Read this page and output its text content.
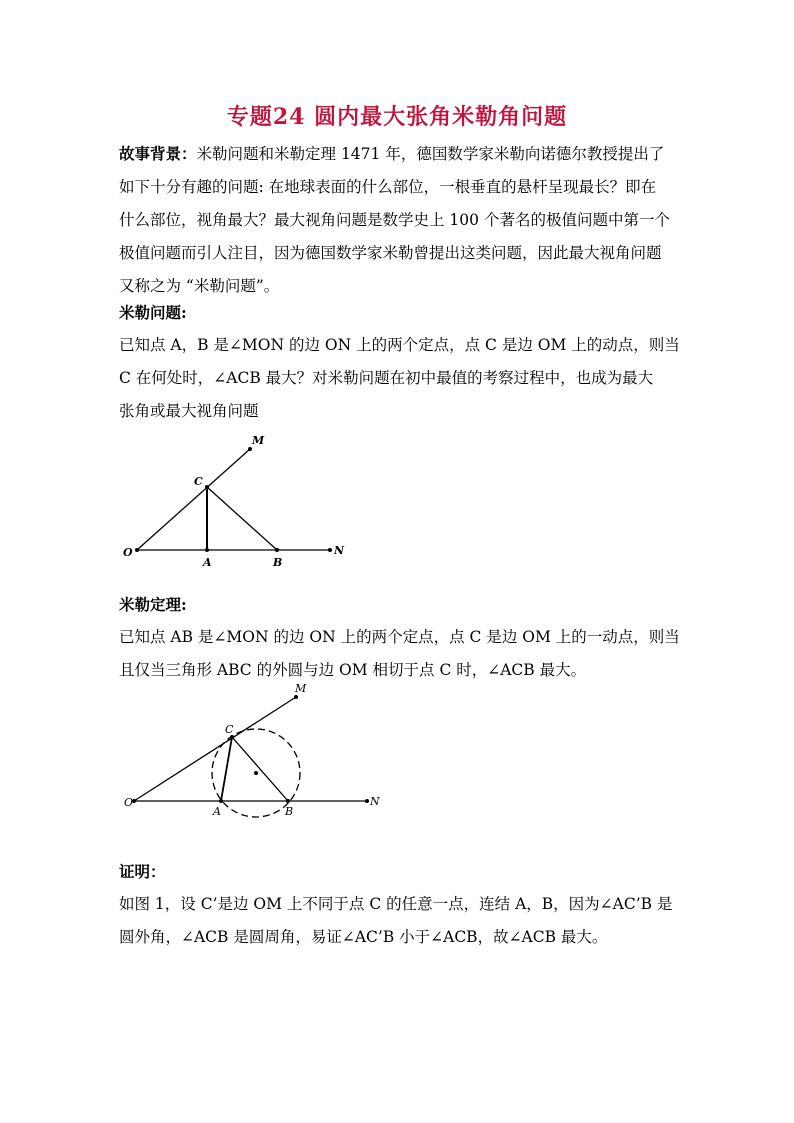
专题24 圆内最大张角米勒角问题
故事背景：米勒问题和米勒定理 1471 年，德国数学家米勒向诺德尔教授提出了
如下十分有趣的问题: 在地球表面的什么部位，一根垂直的悬杆呈现最长？即在
什么部位，视角最大？最大视角问题是数学史上 100 个著名的极值问题中第一个
极值问题而引人注目，因为德国数学家米勒曾提出这类问题，因此最大视角问题
又称之为 “米勒问题”。
米勒问题:
已知点 A，B 是∠MON 的边 ON 上的两个定点，点 C 是边 OM 上的动点，则当
C 在何处时，∠ACB 最大？对米勒问题在初中最值的考察过程中，也成为最大
张角或最大视角问题
O
A	B
C
M
N
米勒定理:
已知点 AB 是∠MON 的边 ON 上的两个定点，点 C 是边 OM 上的一动点，则当
且仅当三角形 ABC 的外圆与边 OM 相切于点 C 时，∠ACB 最大。
O
A	B
C
M
N
证明：
如图 1，设 C’是边 OM 上不同于点 C 的任意一点，连结 A，B，因为∠AC’B 是
圆外角，∠ACB 是圆周角，易证∠AC’B 小于∠ACB，故∠ACB 最大。
